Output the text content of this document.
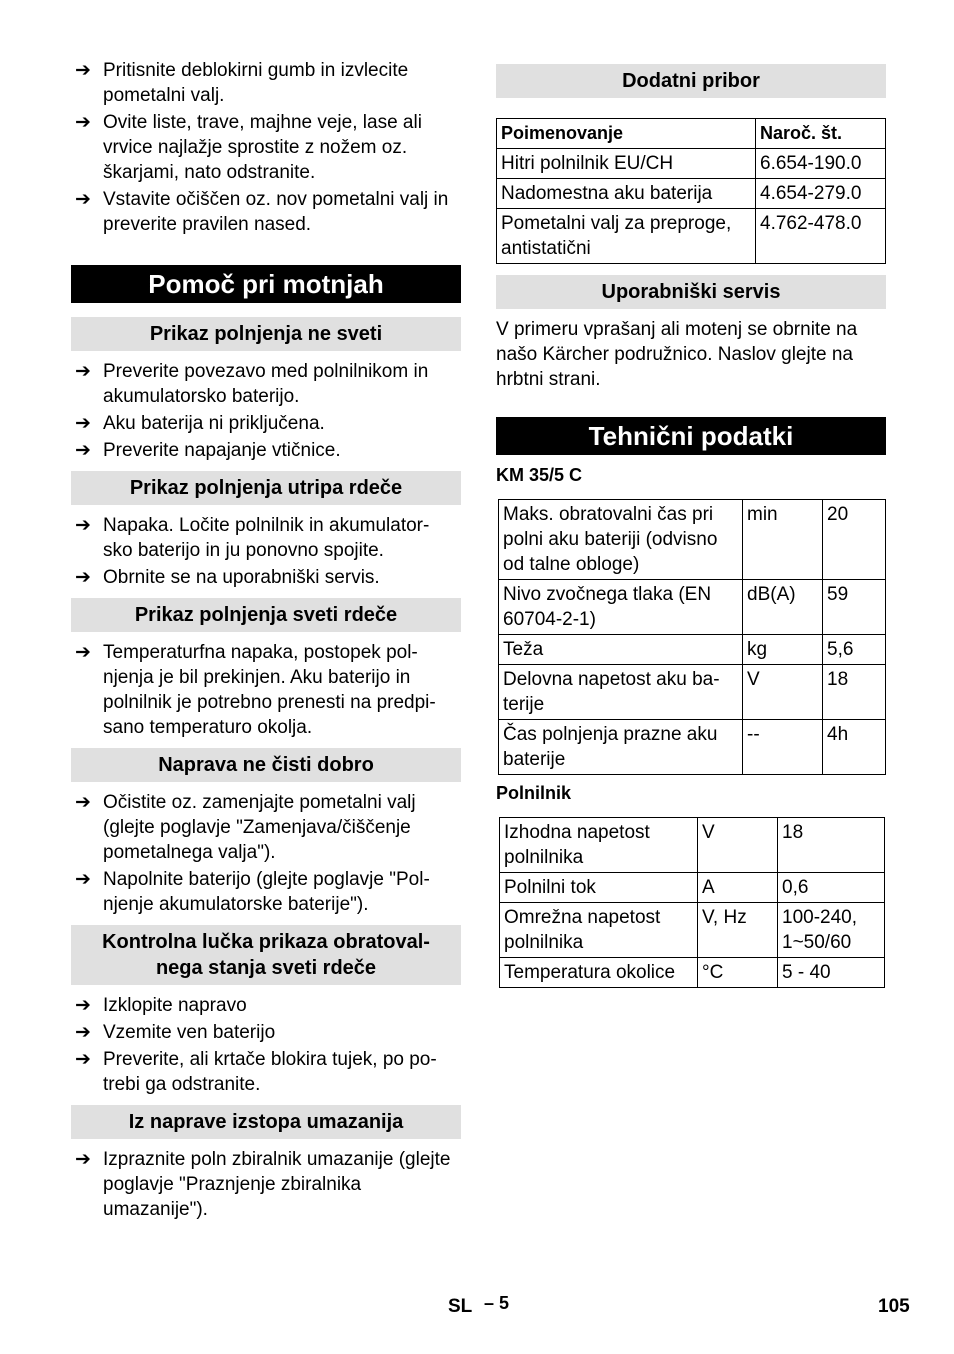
➔ Pritisnite deblokirni gumb in izvlecite pometalni valj.
➔ Ovite liste, trave, majhne veje, lase ali vrvice najlažje sprostite z nožem oz. škarjami, nato odstranite.
➔ Vstavite očiščen oz. nov pometalni valj in preverite pravilen nased.
Pomoč pri motnjah
Prikaz polnjenja ne sveti
➔ Preverite povezavo med polnilnikom in akumulatorsko baterijo.
➔ Aku baterija ni priključena.
➔ Preverite napajanje vtičnice.
Prikaz polnjenja utripa rdeče
➔ Napaka. Ločite polnilnik in akumulator- sko baterijo in ju ponovno spojite.
➔ Obrnite se na uporabniški servis.
Prikaz polnjenja sveti rdeče
➔ Temperaturfna napaka, postopek pol- njenja je bil prekinjen. Aku baterijo in polnilnik je potrebno prenesti na predpi- sano temperaturo okolja.
Naprava ne čisti dobro
➔ Očistite oz. zamenjajte pometalni valj (glejte poglavje "Zamenjava/čiščenje pometalnega valja").
➔ Napolnite baterijo (glejte poglavje "Pol- njenje akumulatorske baterije").
Kontrolna lučka prikaza obratoval- nega stanja sveti rdeče
➔ Izklopite napravo
➔ Vzemite ven baterijo
➔ Preverite, ali krtače blokira tujek, po po- trebi ga odstranite.
Iz naprave izstopa umazanija
➔ Izpraznite poln zbiralnik umazanije (glejte poglavje "Praznjenje zbiralnika umazanije").
Dodatni pribor
Poimenovanje	Naroč. št.
Hitri polnilnik EU/CH	6.654-190.0
Nadomestna aku baterija	4.654-279.0
Pometalni valj za preproge, antistatični	4.762-478.0
Uporabniški servis
V primeru vprašanj ali motenj se obrnite na našo Kärcher podružnico. Naslov glejte na hrbtni strani.
Tehnični podatki
KM 35/5 C
Maks. obratovalni čas pri polni aku bateriji (odvisno od talne obloge)	min	20
Nivo zvočnega tlaka (EN 60704-2-1)	dB(A)	59
Teža	kg	5,6
Delovna napetost aku ba- terije	V	18
Čas polnjenja prazne aku baterije	--	4h
Polnilnik
Izhodna napetost polnilnika	V	18
Polnilni tok	A	0,6
Omrežna napetost polnilnika	V, Hz	100-240, 1~50/60
Temperatura okolice	°C	5 - 40
SL – 5	105
